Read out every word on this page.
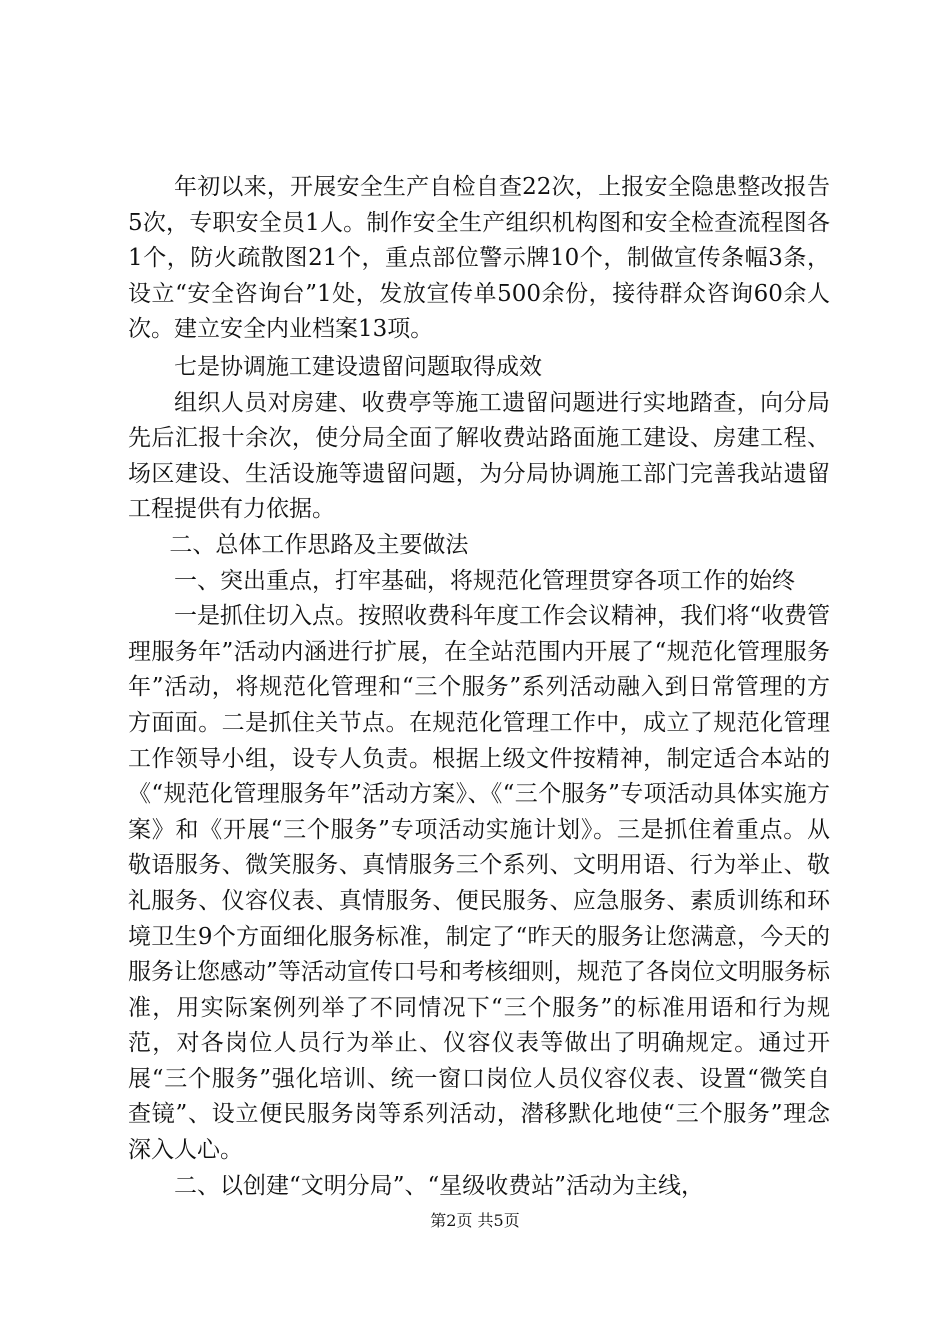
年初以来，开展安全生产自检自查22次，上报安全隐患整改报告5次，专职安全员1人。制作安全生产组织机构图和安全检查流程图各1个，防火疏散图21个，重点部位警示牌10个，制做宣传条幅3条，设立“安全咨询台”1处，发放宣传单500余份，接待群众咨询60余人次。建立安全内业档案13项。

七是协调施工建设遗留问题取得成效

组织人员对房建、收费亭等施工遗留问题进行实地踏查，向分局先后汇报十余次，使分局全面了解收费站路面施工建设、房建工程、场区建设、生活设施等遗留问题，为分局协调施工部门完善我站遗留工程提供有力依据。

二、总体工作思路及主要做法

一、突出重点，打牢基础，将规范化管理贯穿各项工作的始终

一是抓住切入点。按照收费科年度工作会议精神，我们将“收费管理服务年”活动内涵进行扩展，在全站范围内开展了“规范化管理服务年”活动，将规范化管理和“三个服务”系列活动融入到日常管理的方方面面。二是抓住关节点。在规范化管理工作中，成立了规范化管理工作领导小组，设专人负责。根据上级文件按精神，制定适合本站的《“规范化管理服务年”活动方案》、《“三个服务”专项活动具体实施方案》和《开展“三个服务”专项活动实施计划》。三是抓住着重点。从敬语服务、微笑服务、真情服务三个系列、文明用语、行为举止、敬礼服务、仪容仪表、真情服务、便民服务、应急服务、素质训练和环境卫生9个方面细化服务标准，制定了“昨天的服务让您满意，今天的服务让您感动”等活动宣传口号和考核细则，规范了各岗位文明服务标准，用实际案例列举了不同情况下“三个服务”的标准用语和行为规范，对各岗位人员行为举止、仪容仪表等做出了明确规定。通过开展“三个服务”强化培训、统一窗口岗位人员仪容仪表、设置“微笑自查镜”、设立便民服务岗等系列活动，潜移默化地使“三个服务”理念深入人心。

二、以创建“文明分局”、“星级收费站”活动为主线，

第2页 共5页
